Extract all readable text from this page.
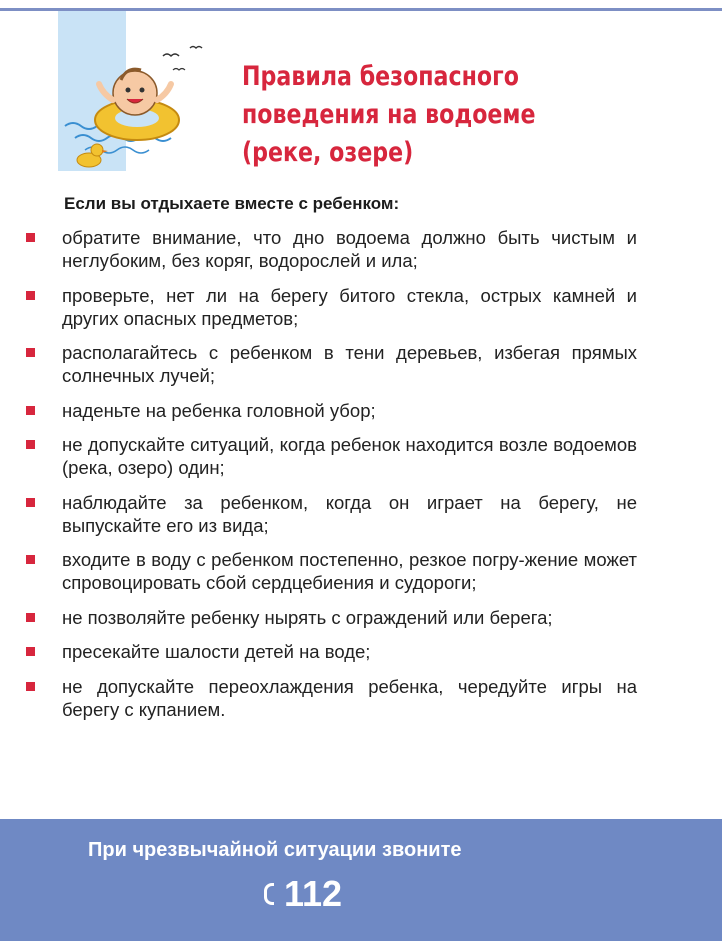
Правила безопасного
поведения на водоеме
(реке, озере)

Если вы отдыхаете вместе с ребенком:

обратите внимание, что дно водоема должно быть чистым и неглубоким, без коряг, водорослей и ила;
проверьте, нет ли на берегу битого стекла, острых камней и других опасных предметов;
располагайтесь с ребенком в тени деревьев, избегая прямых солнечных лучей;
наденьте на ребенка головной убор;
не допускайте ситуаций, когда ребенок находится возле водоемов (река, озеро) один;
наблюдайте за ребенком, когда он играет на берегу, не выпускайте его из вида;
входите в воду с ребенком постепенно, резкое погру-жение может спровоцировать сбой сердцебиения и судороги;
не позволяйте ребенку нырять с ограждений или берега;
пресекайте шалости детей на воде;
не допускайте переохлаждения ребенка, чередуйте игры на берегу с купанием.

При чрезвычайной ситуации звоните

112
